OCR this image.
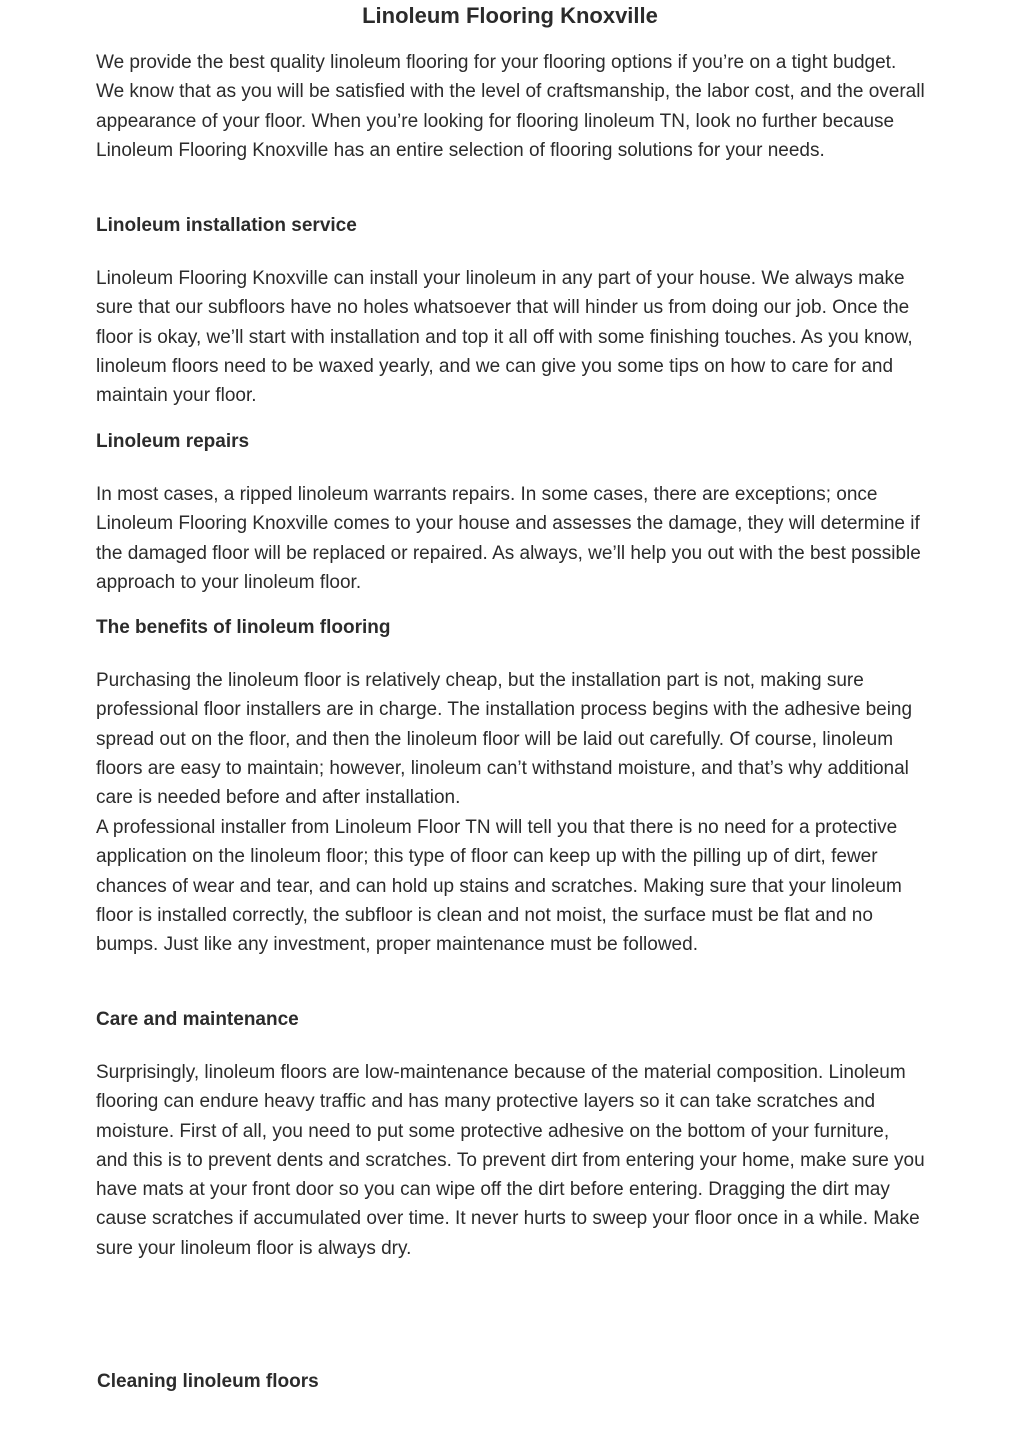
Linoleum Flooring Knoxville

We provide the best quality linoleum flooring for your flooring options if you’re on a tight budget. We know that as you will be satisfied with the level of craftsmanship, the labor cost, and the overall appearance of your floor. When you’re looking for flooring linoleum TN, look no further because Linoleum Flooring Knoxville has an entire selection of flooring solutions for your needs.

Linoleum installation service

Linoleum Flooring Knoxville can install your linoleum in any part of your house. We always make sure that our subfloors have no holes whatsoever that will hinder us from doing our job. Once the floor is okay, we’ll start with installation and top it all off with some finishing touches. As you know, linoleum floors need to be waxed yearly, and we can give you some tips on how to care for and maintain your floor.

Linoleum repairs

In most cases, a ripped linoleum warrants repairs. In some cases, there are exceptions; once Linoleum Flooring Knoxville comes to your house and assesses the damage, they will determine if the damaged floor will be replaced or repaired. As always, we’ll help you out with the best possible approach to your linoleum floor.

The benefits of linoleum flooring

Purchasing the linoleum floor is relatively cheap, but the installation part is not, making sure professional floor installers are in charge. The installation process begins with the adhesive being spread out on the floor, and then the linoleum floor will be laid out carefully. Of course, linoleum floors are easy to maintain; however, linoleum can’t withstand moisture, and that’s why additional care is needed before and after installation.

A professional installer from Linoleum Floor TN will tell you that there is no need for a protective application on the linoleum floor; this type of floor can keep up with the pilling up of dirt, fewer chances of wear and tear, and can hold up stains and scratches. Making sure that your linoleum floor is installed correctly, the subfloor is clean and not moist, the surface must be flat and no bumps. Just like any investment, proper maintenance must be followed.

Care and maintenance

Surprisingly, linoleum floors are low-maintenance because of the material composition. Linoleum flooring can endure heavy traffic and has many protective layers so it can take scratches and moisture. First of all, you need to put some protective adhesive on the bottom of your furniture, and this is to prevent dents and scratches. To prevent dirt from entering your home, make sure you have mats at your front door so you can wipe off the dirt before entering. Dragging the dirt may cause scratches if accumulated over time. It never hurts to sweep your floor once in a while. Make sure your linoleum floor is always dry.

Cleaning linoleum floors
